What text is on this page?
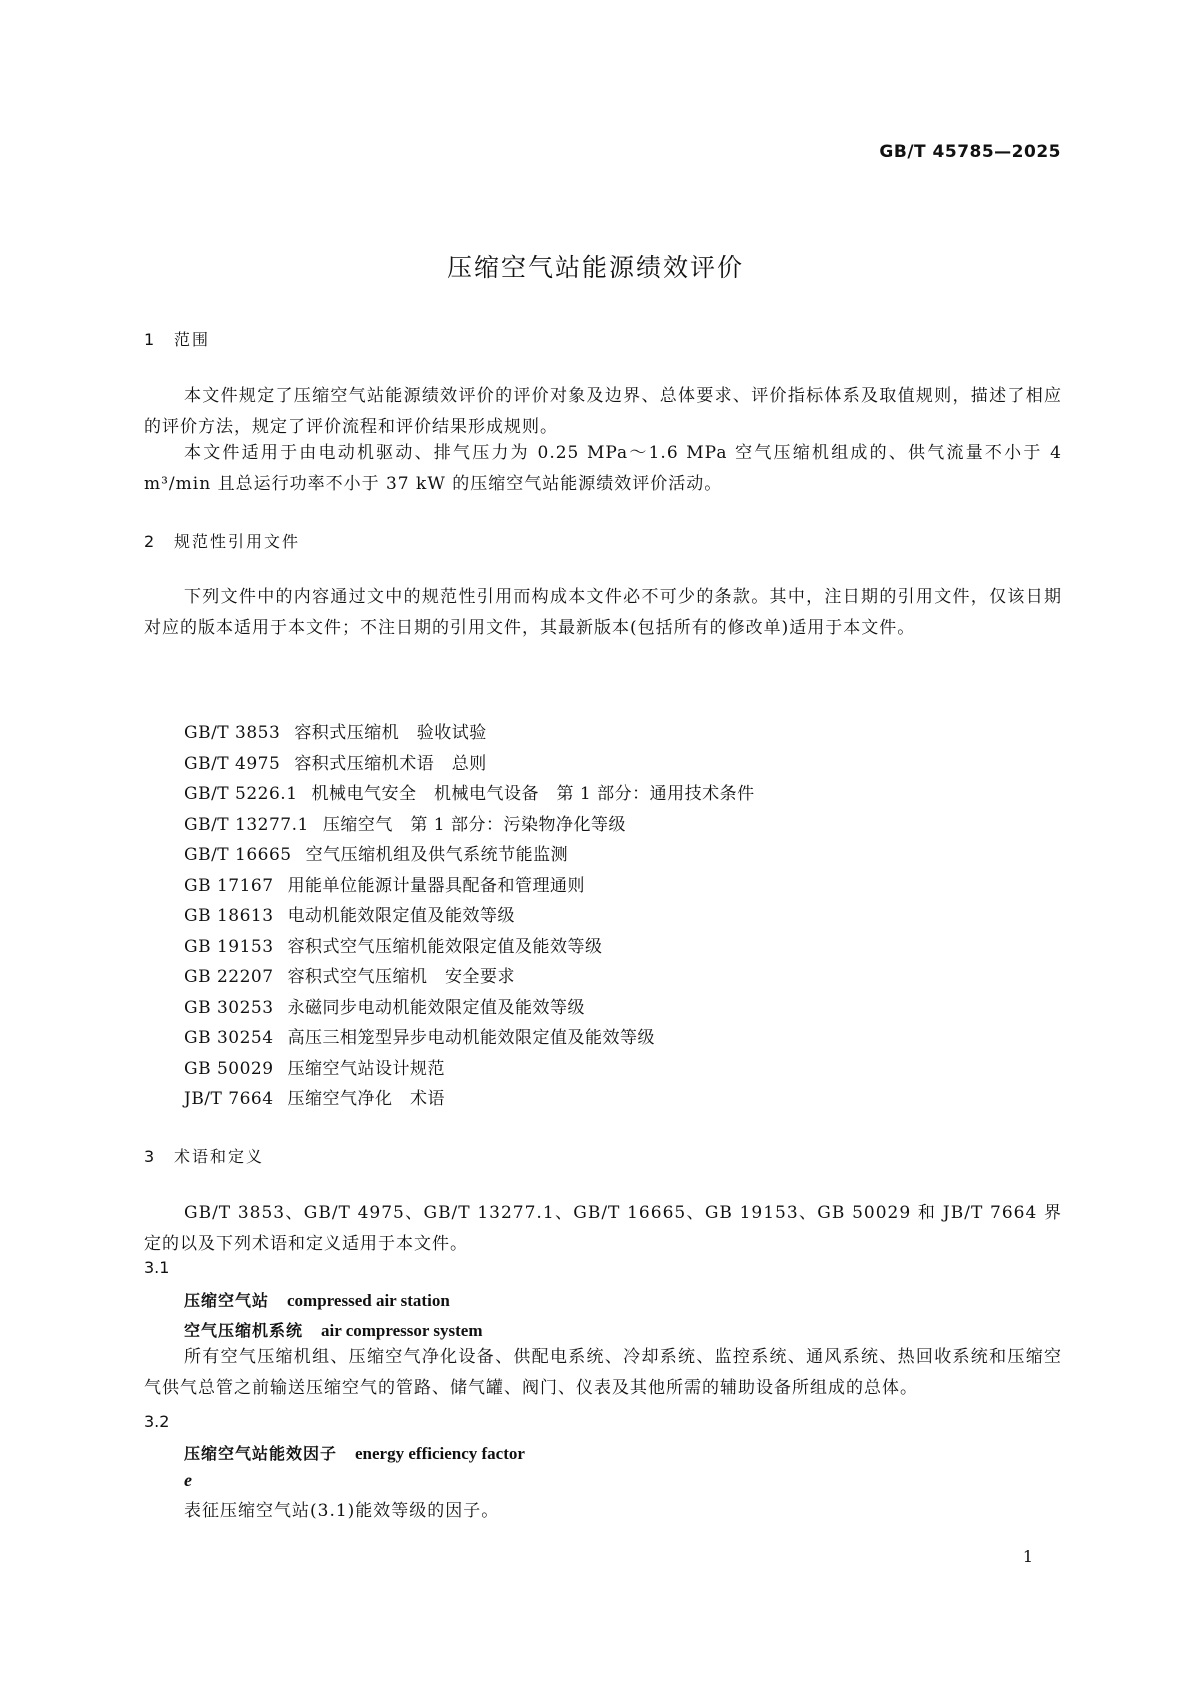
GB/T 45785—2025
压缩空气站能源绩效评价
1 范围
本文件规定了压缩空气站能源绩效评价的评价对象及边界、总体要求、评价指标体系及取值规则，描述了相应的评价方法，规定了评价流程和评价结果形成规则。
本文件适用于由电动机驱动、排气压力为 0.25 MPa～1.6 MPa 空气压缩机组成的、供气流量不小于 4 m³/min 且总运行功率不小于 37 kW 的压缩空气站能源绩效评价活动。
2 规范性引用文件
下列文件中的内容通过文中的规范性引用而构成本文件必不可少的条款。其中，注日期的引用文件，仅该日期对应的版本适用于本文件；不注日期的引用文件，其最新版本(包括所有的修改单)适用于本文件。
GB/T 3853 容积式压缩机　验收试验
GB/T 4975 容积式压缩机术语　总则
GB/T 5226.1 机械电气安全　机械电气设备　第 1 部分：通用技术条件
GB/T 13277.1 压缩空气　第 1 部分：污染物净化等级
GB/T 16665 空气压缩机组及供气系统节能监测
GB 17167 用能单位能源计量器具配备和管理通则
GB 18613 电动机能效限定值及能效等级
GB 19153 容积式空气压缩机能效限定值及能效等级
GB 22207 容积式空气压缩机　安全要求
GB 30253 永磁同步电动机能效限定值及能效等级
GB 30254 高压三相笼型异步电动机能效限定值及能效等级
GB 50029 压缩空气站设计规范
JB/T 7664 压缩空气净化　术语
3 术语和定义
GB/T 3853、GB/T 4975、GB/T 13277.1、GB/T 16665、GB 19153、GB 50029 和 JB/T 7664 界定的以及下列术语和定义适用于本文件。
3.1
压缩空气站 compressed air station
空气压缩机系统 air compressor system
所有空气压缩机组、压缩空气净化设备、供配电系统、冷却系统、监控系统、通风系统、热回收系统和压缩空气供气总管之前输送压缩空气的管路、储气罐、阀门、仪表及其他所需的辅助设备所组成的总体。
3.2
压缩空气站能效因子 energy efficiency factor
e
表征压缩空气站(3.1)能效等级的因子。
1
